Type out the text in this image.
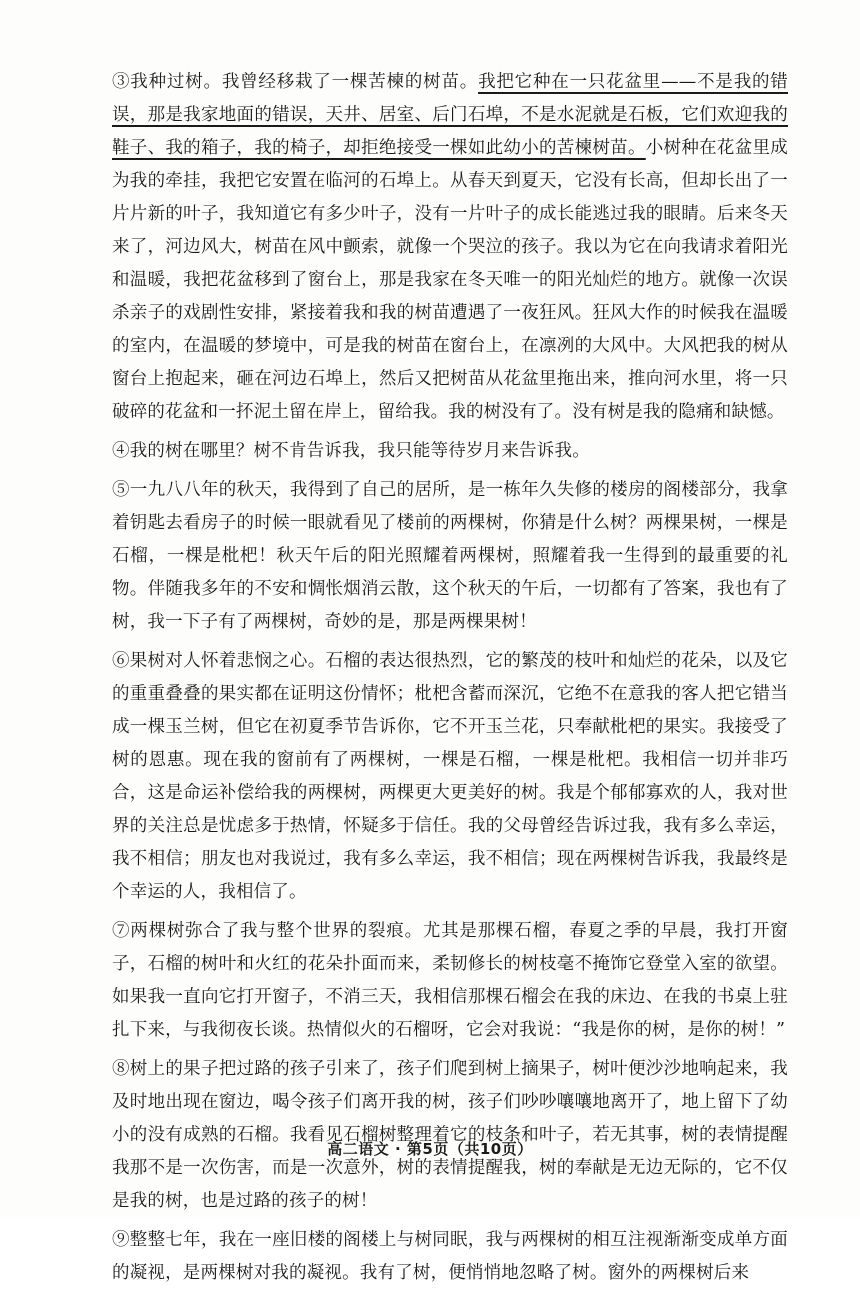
③我种过树。我曾经移栽了一棵苦楝的树苗。我把它种在一只花盆里——不是我的错误，那是我家地面的错误，天井、居室、后门石埠，不是水泥就是石板，它们欢迎我的鞋子、我的箱子，我的椅子，却拒绝接受一棵如此幼小的苦楝树苗。小树种在花盆里成为我的牵挂，我把它安置在临河的石埠上。从春天到夏天，它没有长高，但却长出了一片片新的叶子，我知道它有多少叶子，没有一片叶子的成长能逃过我的眼睛。后来冬天来了，河边风大，树苗在风中颤索，就像一个哭泣的孩子。我以为它在向我请求着阳光和温暖，我把花盆移到了窗台上，那是我家在冬天唯一的阳光灿烂的地方。就像一次误杀亲子的戏剧性安排，紧接着我和我的树苗遭遇了一夜狂风。狂风大作的时候我在温暖的室内，在温暖的梦境中，可是我的树苗在窗台上，在凛冽的大风中。大风把我的树从窗台上抱起来，砸在河边石埠上，然后又把树苗从花盆里拖出来，推向河水里，将一只破碎的花盆和一抔泥土留在岸上，留给我。我的树没有了。没有树是我的隐痛和缺憾。

④我的树在哪里？树不肯告诉我，我只能等待岁月来告诉我。

⑤一九八八年的秋天，我得到了自己的居所，是一栋年久失修的楼房的阁楼部分，我拿着钥匙去看房子的时候一眼就看见了楼前的两棵树，你猜是什么树？两棵果树，一棵是石榴，一棵是枇杷！秋天午后的阳光照耀着两棵树，照耀着我一生得到的最重要的礼物。伴随我多年的不安和惆怅烟消云散，这个秋天的午后，一切都有了答案，我也有了树，我一下子有了两棵树，奇妙的是，那是两棵果树！

⑥果树对人怀着悲悯之心。石榴的表达很热烈，它的繁茂的枝叶和灿烂的花朵，以及它的重重叠叠的果实都在证明这份情怀；枇杷含蓄而深沉，它绝不在意我的客人把它错当成一棵玉兰树，但它在初夏季节告诉你，它不开玉兰花，只奉献枇杷的果实。我接受了树的恩惠。现在我的窗前有了两棵树，一棵是石榴，一棵是枇杷。我相信一切并非巧合，这是命运补偿给我的两棵树，两棵更大更美好的树。我是个郁郁寡欢的人，我对世界的关注总是忧虑多于热情，怀疑多于信任。我的父母曾经告诉过我，我有多么幸运，我不相信；朋友也对我说过，我有多么幸运，我不相信；现在两棵树告诉我，我最终是个幸运的人，我相信了。

⑦两棵树弥合了我与整个世界的裂痕。尤其是那棵石榴，春夏之季的早晨，我打开窗子，石榴的树叶和火红的花朵扑面而来，柔韧修长的树枝毫不掩饰它登堂入室的欲望。如果我一直向它打开窗子，不消三天，我相信那棵石榴会在我的床边、在我的书桌上驻扎下来，与我彻夜长谈。热情似火的石榴呀，它会对我说：“我是你的树，是你的树！”

⑧树上的果子把过路的孩子引来了，孩子们爬到树上摘果子，树叶便沙沙地响起来，我及时地出现在窗边，喝令孩子们离开我的树，孩子们吵吵嚷嚷地离开了，地上留下了幼小的没有成熟的石榴。我看见石榴树整理着它的枝条和叶子，若无其事，树的表情提醒我那不是一次伤害，而是一次意外，树的表情提醒我，树的奉献是无边无际的，它不仅是我的树，也是过路的孩子的树！

⑨整整七年，我在一座旧楼的阁楼上与树同眠，我与两棵树的相互注视渐渐变成单方面的凝视，是两棵树对我的凝视。我有了树，便悄悄地忽略了树。窗外的两棵树后来

高二语文 · 第5页（共10页）
